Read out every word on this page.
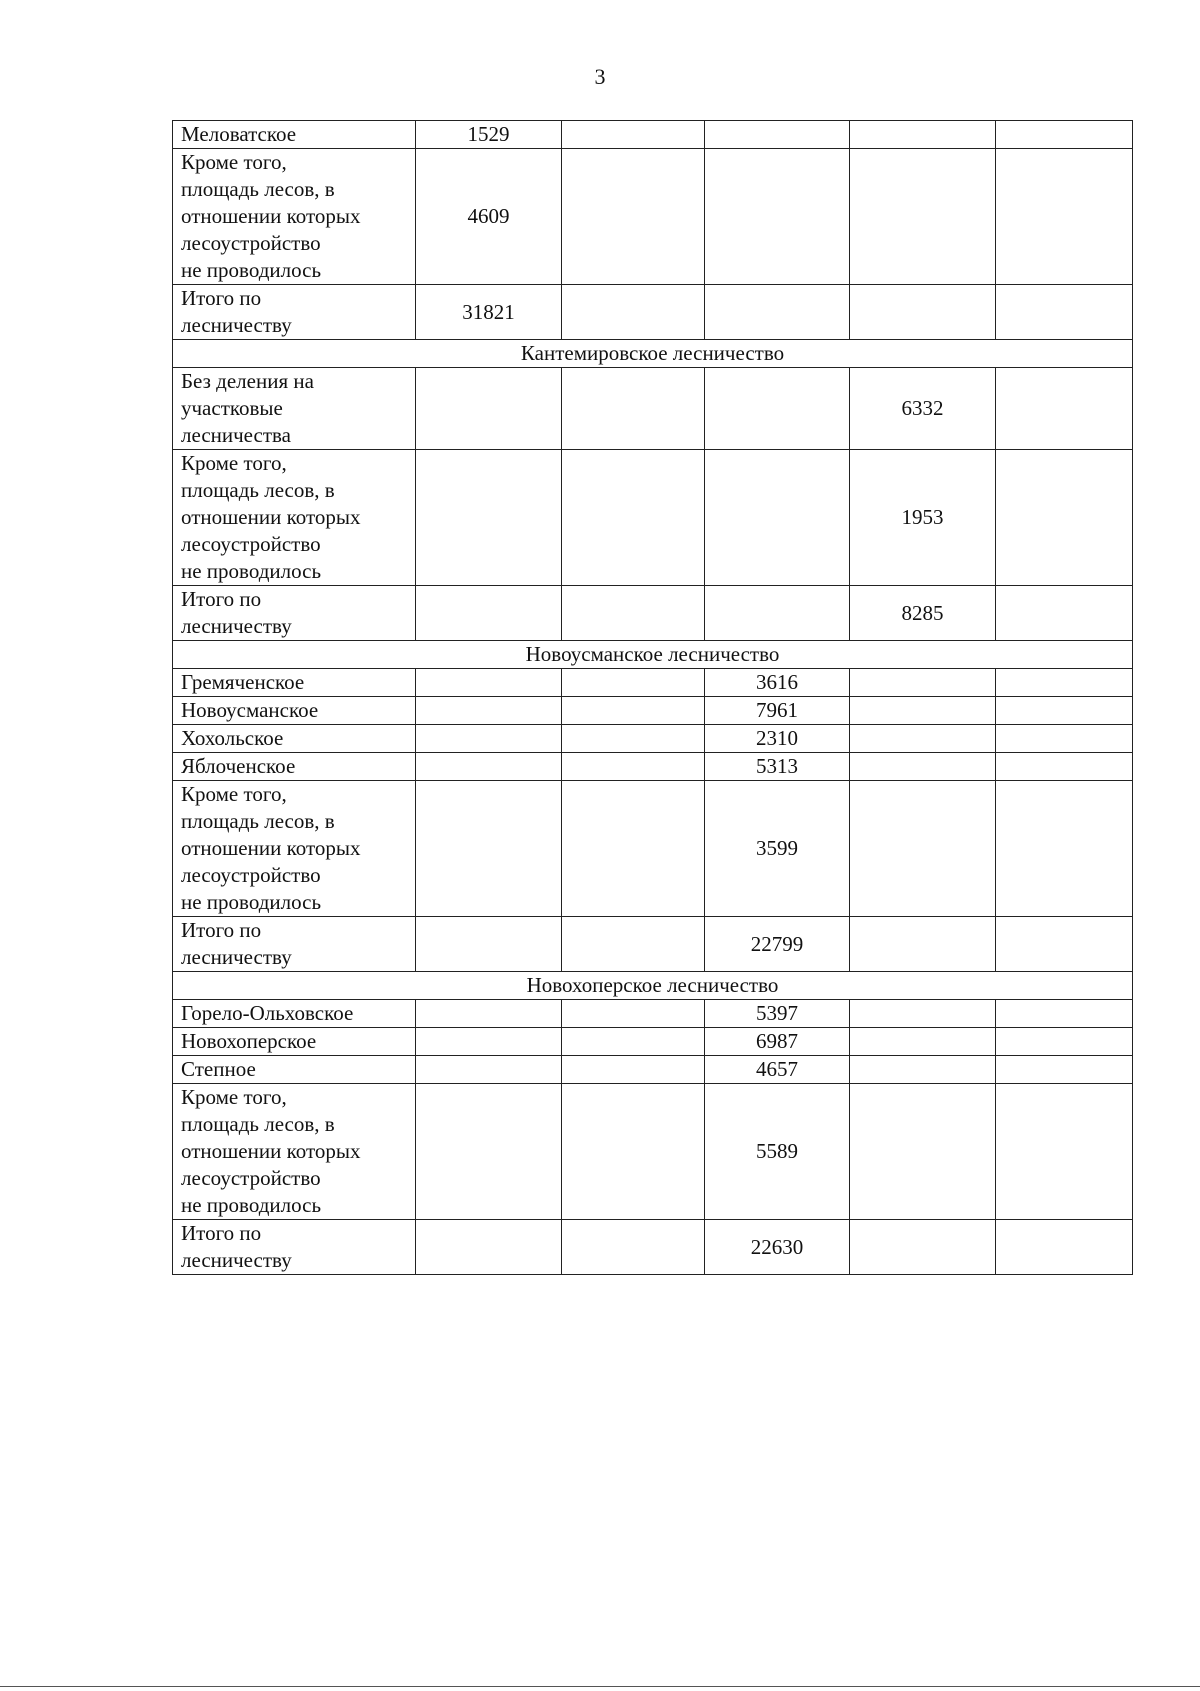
3
Меловатское	1529				
Кроме того,
площадь лесов, в
отношении которых
лесоустройство
не проводилось	4609				
Итого по
лесничеству	31821				
Кантемировское лесничество					
Без деления на
участковые
лесничества				6332	
Кроме того,
площадь лесов, в
отношении которых
лесоустройство
не проводилось				1953	
Итого по
лесничеству				8285	
Новоусманское лесничество					
Гремяченское			3616		
Новоусманское			7961		
Хохольское			2310		
Яблоченское			5313		
Кроме того,
площадь лесов, в
отношении которых
лесоустройство
не проводилось			3599		
Итого по
лесничеству			22799		
Новохоперское лесничество					
Горело-Ольховское			5397		
Новохоперское			6987		
Степное			4657		
Кроме того,
площадь лесов, в
отношении которых
лесоустройство
не проводилось			5589		
Итого по
лесничеству			22630		
